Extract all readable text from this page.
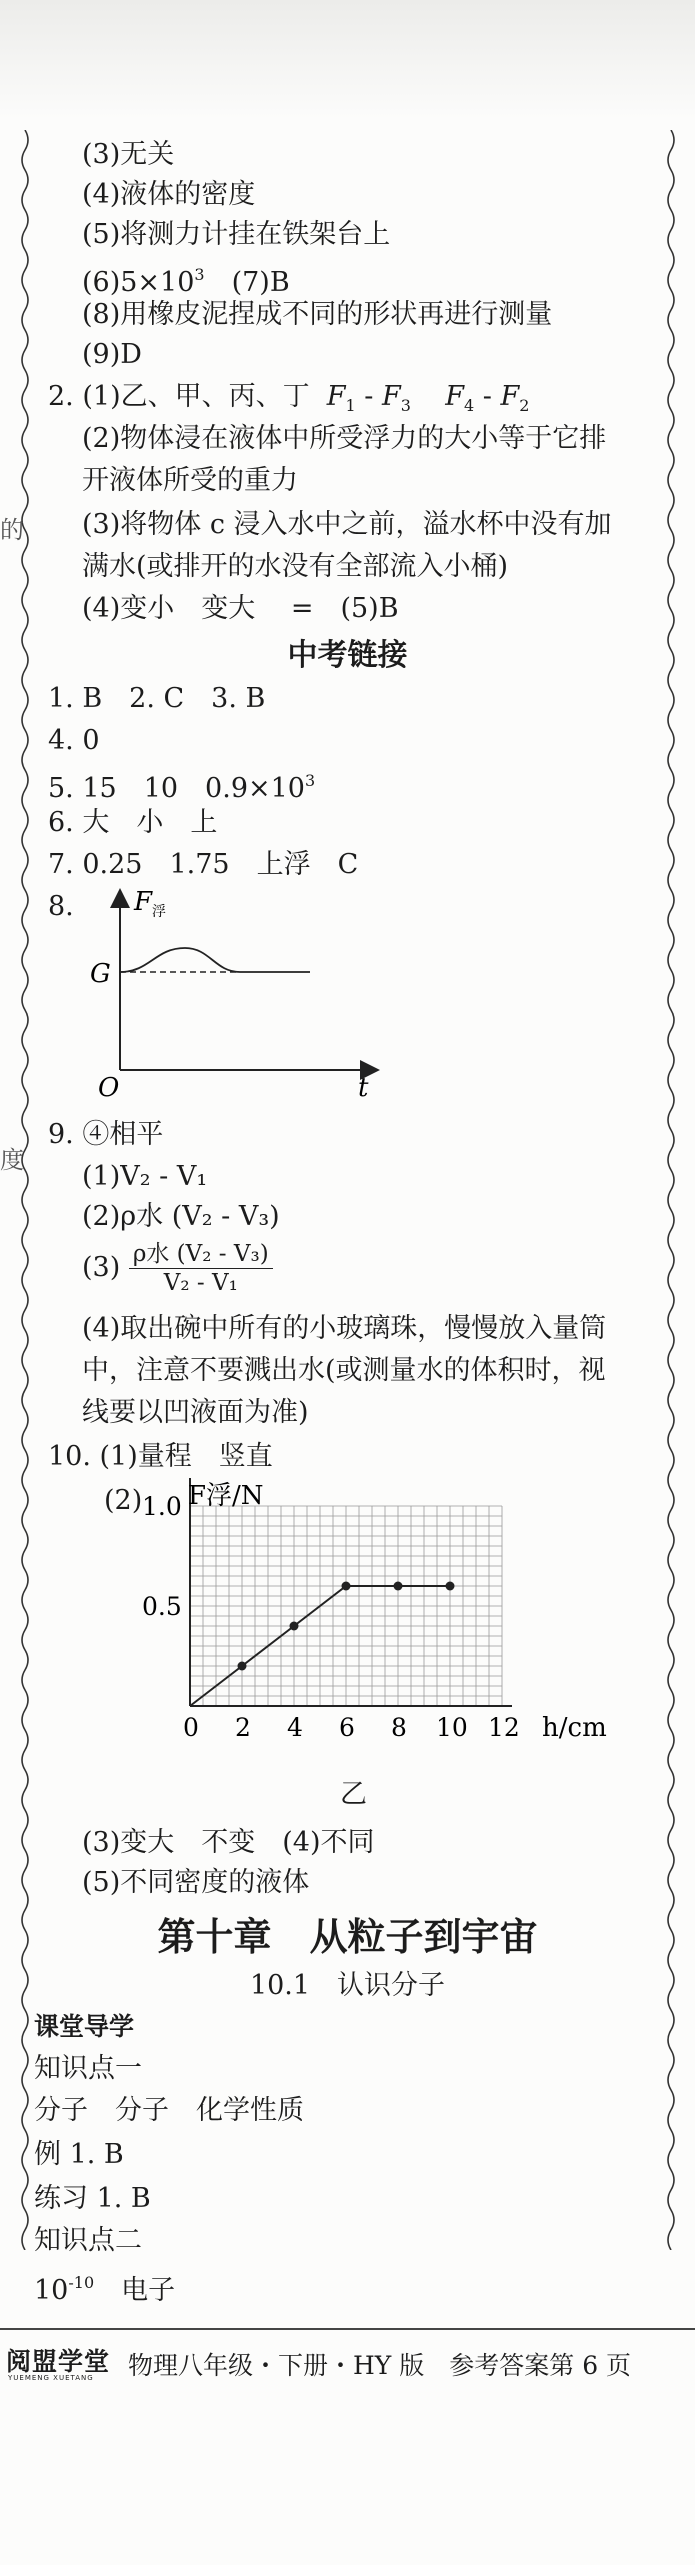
的
度
(3)无关
(4)液体的密度
(5)将测力计挂在铁架台上
$(6)5\times 10^3$　(7)B
(8)用橡皮泥捏成不同的形状再进行测量
(9)D
2. (1)乙、甲、丙、丁 $F_1 - F_3$ $F_4 - F_2$
(2)物体浸在液体中所受浮力的大小等于它排
开液体所受的重力
(3)将物体 c 浸入水中之前，溢水杯中没有加
满水(或排开的水没有全部流入小桶)
(4)变小　变大　 =　(5)B
中考链接
1. B　2. C　3. B
4. 0
5. 15　10　$0.9\times 10^3$
6. 大　小　上
7. 0.25　1.75　上浮　C
8. F 浮
G
O	t
9. ④相平
(1)V₂ - V₁
(2)ρ水 (V₂ - V₃)
$(3) \frac{\text{ρ水 (V₂ - V₃)}}{\text{V₂ - V₁}}$
(4)取出碗中所有的小玻璃珠，慢慢放入量筒
中，注意不要溅出水(或测量水的体积时，视
线要以凹液面为准)
10. (1)量程　竖直
(2)
0 2 4 6 8 10 12
0.5
1.0 F浮/N
h/cm
乙
(3)变大　不变　(4)不同
(5)不同密度的液体
第十章　从粒子到宇宙
10.1　认识分子
课堂导学
知识点一
分子　分子　化学性质
例 1. B
练习 1. B
知识点二
$10^{-10}$　电子
阅盟学堂
YUEMENG XUETANG 物理八年级・下册・HY 版　参考答案第 6 页
